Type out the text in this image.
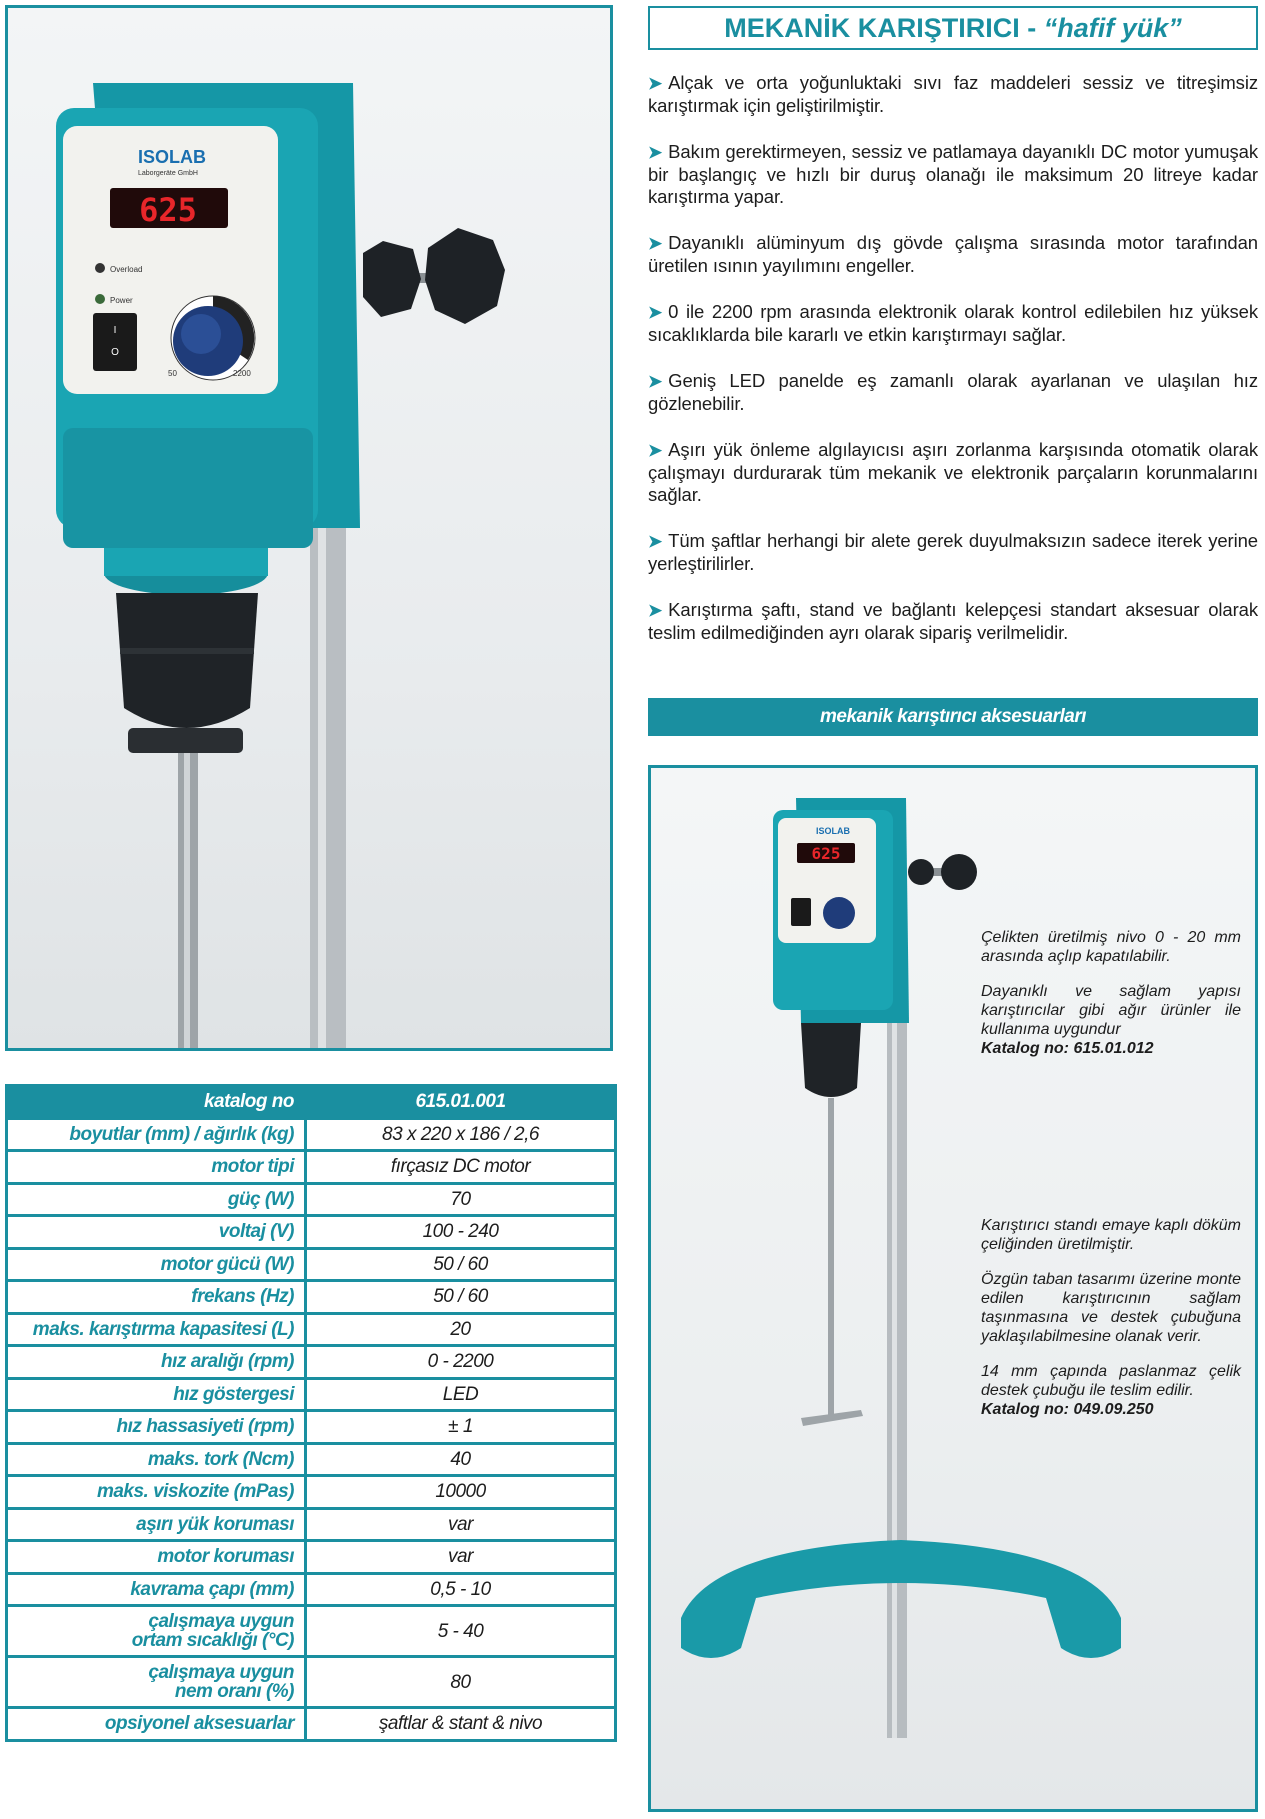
625
ISOLAB
Laborgeräte GmbH
Overload
Power
I
O
50	2200
MEKANİK KARIŞTIRICI - “hafif yük”
➤ Alçak ve orta yoğunluktaki sıvı faz maddeleri sessiz ve titreşimsiz karıştırmak için geliştirilmiştir.
➤ Bakım gerektirmeyen, sessiz ve patlamaya dayanıklı DC motor yumuşak bir başlangıç ve hızlı bir duruş olanağı ile maksimum 20 litreye kadar karıştırma yapar.
➤ Dayanıklı alüminyum dış gövde çalışma sırasında motor tarafından üretilen ısının yayılımını engeller.
➤ 0 ile 2200 rpm arasında elektronik olarak kontrol edilebilen hız yüksek sıcaklıklarda bile kararlı ve etkin karıştırmayı sağlar.
➤ Geniş LED panelde eş zamanlı olarak ayarlanan ve ulaşılan hız gözlenebilir.
➤ Aşırı yük önleme algılayıcısı aşırı zorlanma karşısında otomatik olarak çalışmayı durdurarak tüm mekanik ve elektronik parçaların korunmalarını sağlar.
➤ Tüm şaftlar herhangi bir alete gerek duyulmaksızın sadece iterek yerine yerleştirilirler.
➤ Karıştırma şaftı, stand ve bağlantı kelepçesi standart aksesuar olarak teslim edilmediğinden ayrı olarak sipariş verilmelidir.
mekanik karıştırıcı aksesuarları
625
ISOLAB

Çelikten üretilmiş nivo 0 - 20 mm arasında açlıp kapatılabilir.

Dayanıklı ve sağlam yapısı karıştırıcılar gibi ağır ürünler ile kullanıma uygundur

Katalog no: 615.01.012

Karıştırıcı standı emaye kaplı döküm çeliğinden üretilmiştir.

Özgün taban tasarımı üzerine monte edilen karıştırıcının sağlam taşınmasına ve destek çubuğuna yaklaşılabilmesine olanak verir.

14 mm çapında paslanmaz çelik destek çubuğu ile teslim edilir.

Katalog no: 049.09.250
katalog no	615.01.001
boyutlar (mm) / ağırlık (kg)	83 x 220 x 186 / 2,6
motor tipi	fırçasız DC motor
güç (W)	70
voltaj (V)	100 - 240
motor gücü (W)	50 / 60
frekans (Hz)	50 / 60
maks. karıştırma kapasitesi (L)	20
hız aralığı (rpm)	0 - 2200
hız göstergesi	LED
hız hassasiyeti (rpm)	± 1
maks. tork (Ncm)	40
maks. viskozite (mPas)	10000
aşırı yük koruması	var
motor koruması	var
kavrama çapı (mm)	0,5 - 10
çalışmaya uygun
ortam sıcaklığı (°C)	5 - 40
çalışmaya uygun
nem oranı (%)	80
opsiyonel aksesuarlar	şaftlar & stant & nivo
